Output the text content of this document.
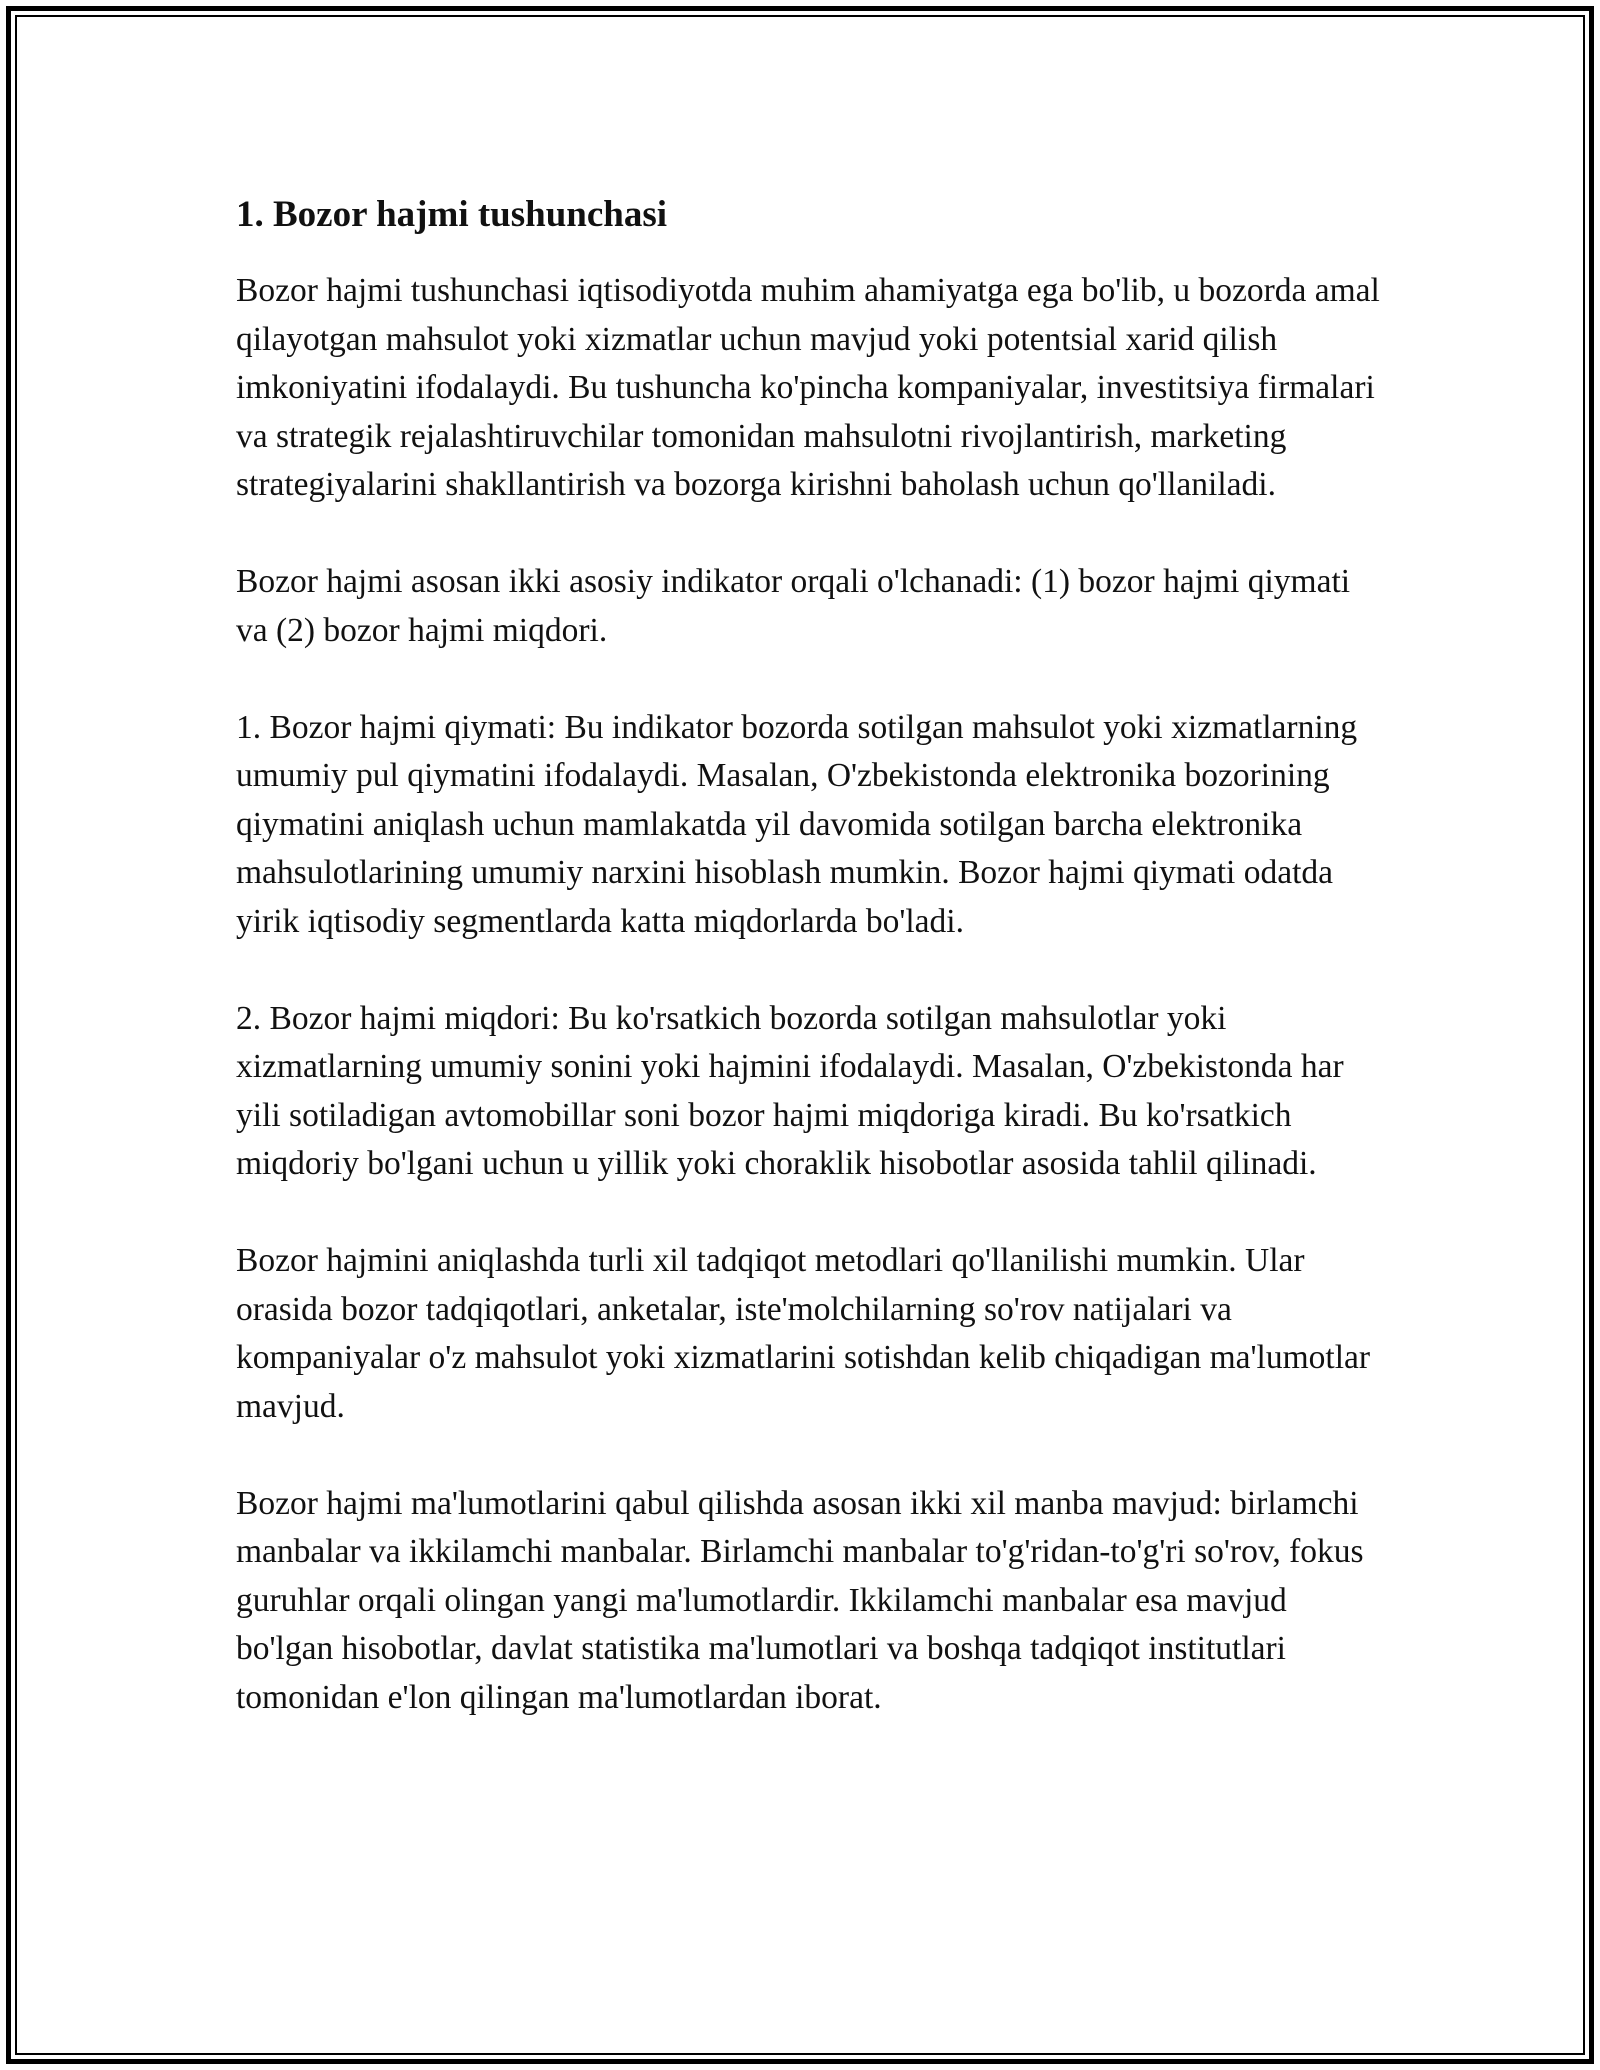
1. Bozor hajmi tushunchasi

Bozor hajmi tushunchasi iqtisodiyotda muhim ahamiyatga ega bo'lib, u bozorda amal qilayotgan mahsulot yoki xizmatlar uchun mavjud yoki potentsial xarid qilish imkoniyatini ifodalaydi. Bu tushuncha ko'pincha kompaniyalar, investitsiya firmalari va strategik rejalashtiruvchilar tomonidan mahsulotni rivojlantirish, marketing strategiyalarini shakllantirish va bozorga kirishni baholash uchun qo'llaniladi.

Bozor hajmi asosan ikki asosiy indikator orqali o'lchanadi: (1) bozor hajmi qiymati va (2) bozor hajmi miqdori.

1. Bozor hajmi qiymati: Bu indikator bozorda sotilgan mahsulot yoki xizmatlarning umumiy pul qiymatini ifodalaydi. Masalan, O'zbekistonda elektronika bozorining qiymatini aniqlash uchun mamlakatda yil davomida sotilgan barcha elektronika mahsulotlarining umumiy narxini hisoblash mumkin. Bozor hajmi qiymati odatda yirik iqtisodiy segmentlarda katta miqdorlarda bo'ladi.

2. Bozor hajmi miqdori: Bu ko'rsatkich bozorda sotilgan mahsulotlar yoki xizmatlarning umumiy sonini yoki hajmini ifodalaydi. Masalan, O'zbekistonda har yili sotiladigan avtomobillar soni bozor hajmi miqdoriga kiradi. Bu ko'rsatkich miqdoriy bo'lgani uchun u yillik yoki choraklik hisobotlar asosida tahlil qilinadi.

Bozor hajmini aniqlashda turli xil tadqiqot metodlari qo'llanilishi mumkin. Ular orasida bozor tadqiqotlari, anketalar, iste'molchilarning so'rov natijalari va kompaniyalar o'z mahsulot yoki xizmatlarini sotishdan kelib chiqadigan ma'lumotlar mavjud.

Bozor hajmi ma'lumotlarini qabul qilishda asosan ikki xil manba mavjud: birlamchi manbalar va ikkilamchi manbalar. Birlamchi manbalar to'g'ridan-to'g'ri so'rov, fokus guruhlar orqali olingan yangi ma'lumotlardir. Ikkilamchi manbalar esa mavjud bo'lgan hisobotlar, davlat statistika ma'lumotlari va boshqa tadqiqot institutlari tomonidan e'lon qilingan ma'lumotlardan iborat.
